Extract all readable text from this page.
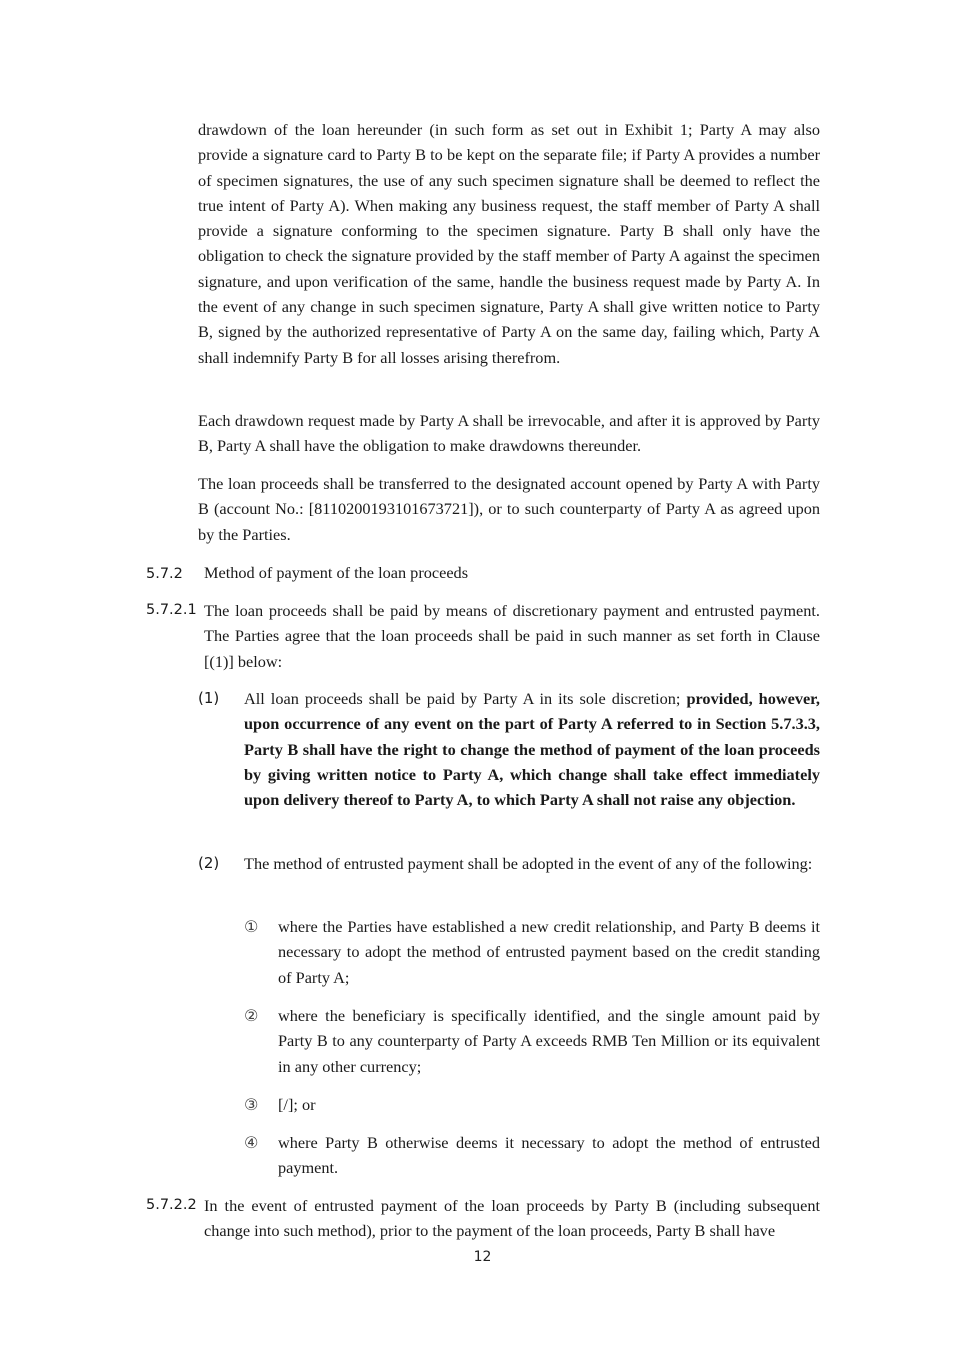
drawdown of the loan hereunder (in such form as set out in Exhibit 1; Party A may also provide a signature card to Party B to be kept on the separate file; if Party A provides a number of specimen signatures, the use of any such specimen signature shall be deemed to reflect the true intent of Party A). When making any business request, the staff member of Party A shall provide a signature conforming to the specimen signature. Party B shall only have the obligation to check the signature provided by the staff member of Party A against the specimen signature, and upon verification of the same, handle the business request made by Party A. In the event of any change in such specimen signature, Party A shall give written notice to Party B, signed by the authorized representative of Party A on the same day, failing which, Party A shall indemnify Party B for all losses arising therefrom.

Each drawdown request made by Party A shall be irrevocable, and after it is approved by Party B, Party A shall have the obligation to make drawdowns thereunder.

The loan proceeds shall be transferred to the designated account opened by Party A with Party B (account No.: [8110200193101673721]), or to such counterparty of Party A as agreed upon by the Parties.

5.7.2 Method of payment of the loan proceeds

5.7.2.1 The loan proceeds shall be paid by means of discretionary payment and entrusted payment. The Parties agree that the loan proceeds shall be paid in such manner as set forth in Clause [(1)] below:
(1) All loan proceeds shall be paid by Party A in its sole discretion; provided, however, upon occurrence of any event on the part of Party A referred to in Section 5.7.3.3, Party B shall have the right to change the method of payment of the loan proceeds by giving written notice to Party A, which change shall take effect immediately upon delivery thereof to Party A, to which Party A shall not raise any objection.
(2) The method of entrusted payment shall be adopted in the event of any of the following:
① where the Parties have established a new credit relationship, and Party B deems it necessary to adopt the method of entrusted payment based on the credit standing of Party A;
② where the beneficiary is specifically identified, and the single amount paid by Party B to any counterparty of Party A exceeds RMB Ten Million or its equivalent in any other currency;
③ [/]; or
④ where Party B otherwise deems it necessary to adopt the method of entrusted payment.
5.7.2.2 In the event of entrusted payment of the loan proceeds by Party B (including subsequent change into such method), prior to the payment of the loan proceeds, Party B shall have
12
